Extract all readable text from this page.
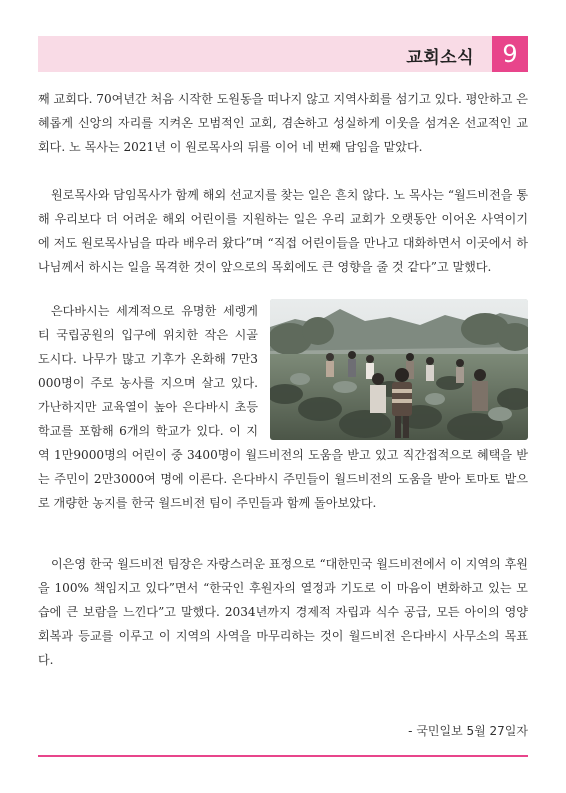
교회소식	9

째 교회다. 70여년간 처음 시작한 도원동을 떠나지 않고 지역사회를 섬기고 있다. 평안하고 은혜롭게 신앙의 자리를 지켜온 모범적인 교회, 겸손하고 성실하게 이웃을 섬겨온 선교적인 교회다. 노 목사는 2021년 이 원로목사의 뒤를 이어 네 번째 담임을 맡았다.

원로목사와 담임목사가 함께 해외 선교지를 찾는 일은 흔치 않다. 노 목사는 “월드비전을 통해 우리보다 더 어려운 해외 어린이를 지원하는 일은 우리 교회가 오랫동안 이어온 사역이기에 저도 원로목사님을 따라 배우러 왔다”며 “직접 어린이들을 만나고 대화하면서 이곳에서 하나님께서 하시는 일을 목격한 것이 앞으로의 목회에도 큰 영향을 줄 것 같다”고 말했다.

은다바시는 세계적으로 유명한 세렝게티 국립공원의 입구에 위치한 작은 시골 도시다. 나무가 많고 기후가 온화해 7만3000명이 주로 농사를 지으며 살고 있다. 가난하지만 교육열이 높아 은다바시 초등학교를 포함해 6개의 학교가 있다. 이 지역 1만9000명의 어린이 중 3400명이 월드비전의 도움을 받고 있고 직간접적으로 혜택을 받는 주민이 2만3000여 명에 이른다. 은다바시 주민들이 월드비전의 도움을 받아 토마토 밭으로 개량한 농지를 한국 월드비전 팀이 주민들과 함께 돌아보았다.

이은영 한국 월드비전 팀장은 자랑스러운 표정으로 “대한민국 월드비전에서 이 지역의 후원을 100% 책임지고 있다”면서 “한국인 후원자의 열정과 기도로 이 마음이 변화하고 있는 모습에 큰 보람을 느낀다”고 말했다. 2034년까지 경제적 자립과 식수 공급, 모든 아이의 영양 회복과 등교를 이루고 이 지역의 사역을 마무리하는 것이 월드비전 은다바시 사무소의 목표다.

- 국민일보 5월 27일자
